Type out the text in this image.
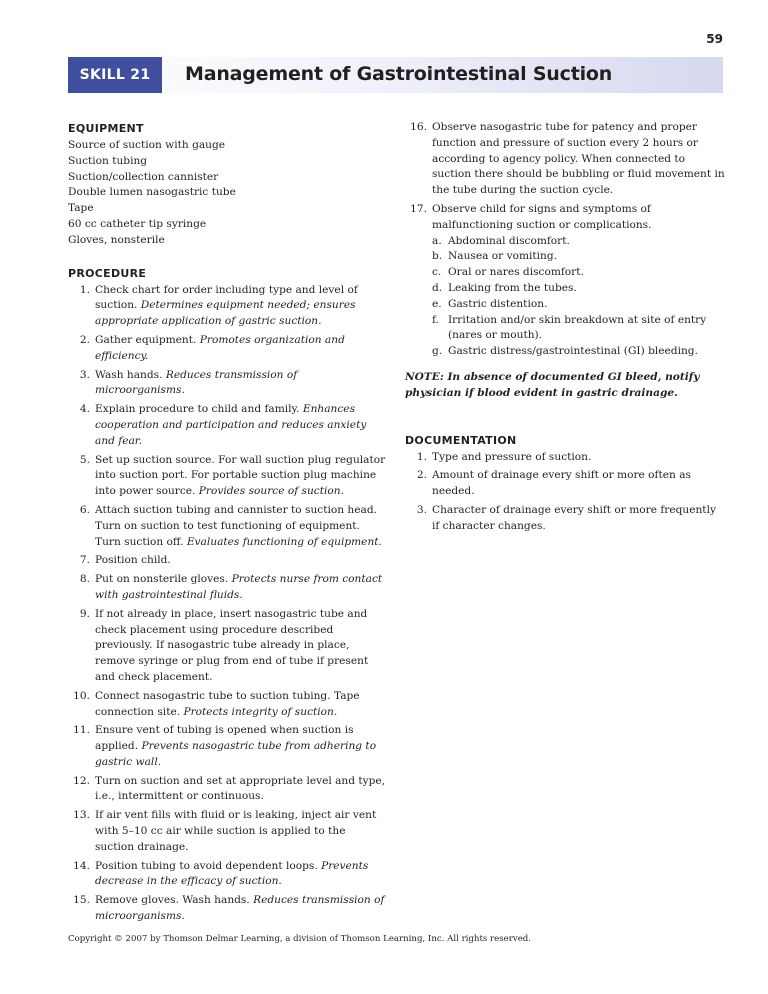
59
SKILL 21	Management of Gastrointestinal Suction
EQUIPMENT
Source of suction with gauge
Suction tubing
Suction/collection cannister
Double lumen nasogastric tube
Tape
60 cc catheter tip syringe
Gloves, nonsterile
PROCEDURE
1. Check chart for order including type and level of suction. Determines equipment needed; ensures appropriate application of gastric suction.
2. Gather equipment. Promotes organization and efficiency.
3. Wash hands. Reduces transmission of microorganisms.
4. Explain procedure to child and family. Enhances cooperation and participation and reduces anxiety and fear.
5. Set up suction source. For wall suction plug regulator into suction port. For portable suction plug machine into power source. Provides source of suction.
6. Attach suction tubing and cannister to suction head. Turn on suction to test functioning of equipment. Turn suction off. Evaluates functioning of equipment.
7. Position child.
8. Put on nonsterile gloves. Protects nurse from contact with gastrointestinal fluids.
9. If not already in place, insert nasogastric tube and check placement using procedure described previously. If nasogastric tube already in place, remove syringe or plug from end of tube if present and check placement.
10. Connect nasogastric tube to suction tubing. Tape connection site. Protects integrity of suction.
11. Ensure vent of tubing is opened when suction is applied. Prevents nasogastric tube from adhering to gastric wall.
12. Turn on suction and set at appropriate level and type, i.e., intermittent or continuous.
13. If air vent fills with fluid or is leaking, inject air vent with 5–10 cc air while suction is applied to the suction drainage.
14. Position tubing to avoid dependent loops. Prevents decrease in the efficacy of suction.
15. Remove gloves. Wash hands. Reduces transmission of microorganisms.
16. Observe nasogastric tube for patency and proper function and pressure of suction every 2 hours or according to agency policy. When connected to suction there should be bubbling or fluid movement in the tube during the suction cycle.
17. Observe child for signs and symptoms of malfunctioning suction or complications.
a. Abdominal discomfort.
b. Nausea or vomiting.
c. Oral or nares discomfort.
d. Leaking from the tubes.
e. Gastric distention.
f. Irritation and/or skin breakdown at site of entry (nares or mouth).
g. Gastric distress/gastrointestinal (GI) bleeding.

NOTE: In absence of documented GI bleed, notify physician if blood evident in gastric drainage.

DOCUMENTATION
1. Type and pressure of suction.
2. Amount of drainage every shift or more often as needed.
3. Character of drainage every shift or more frequently if character changes.
Copyright © 2007 by Thomson Delmar Learning, a division of Thomson Learning, Inc. All rights reserved.
